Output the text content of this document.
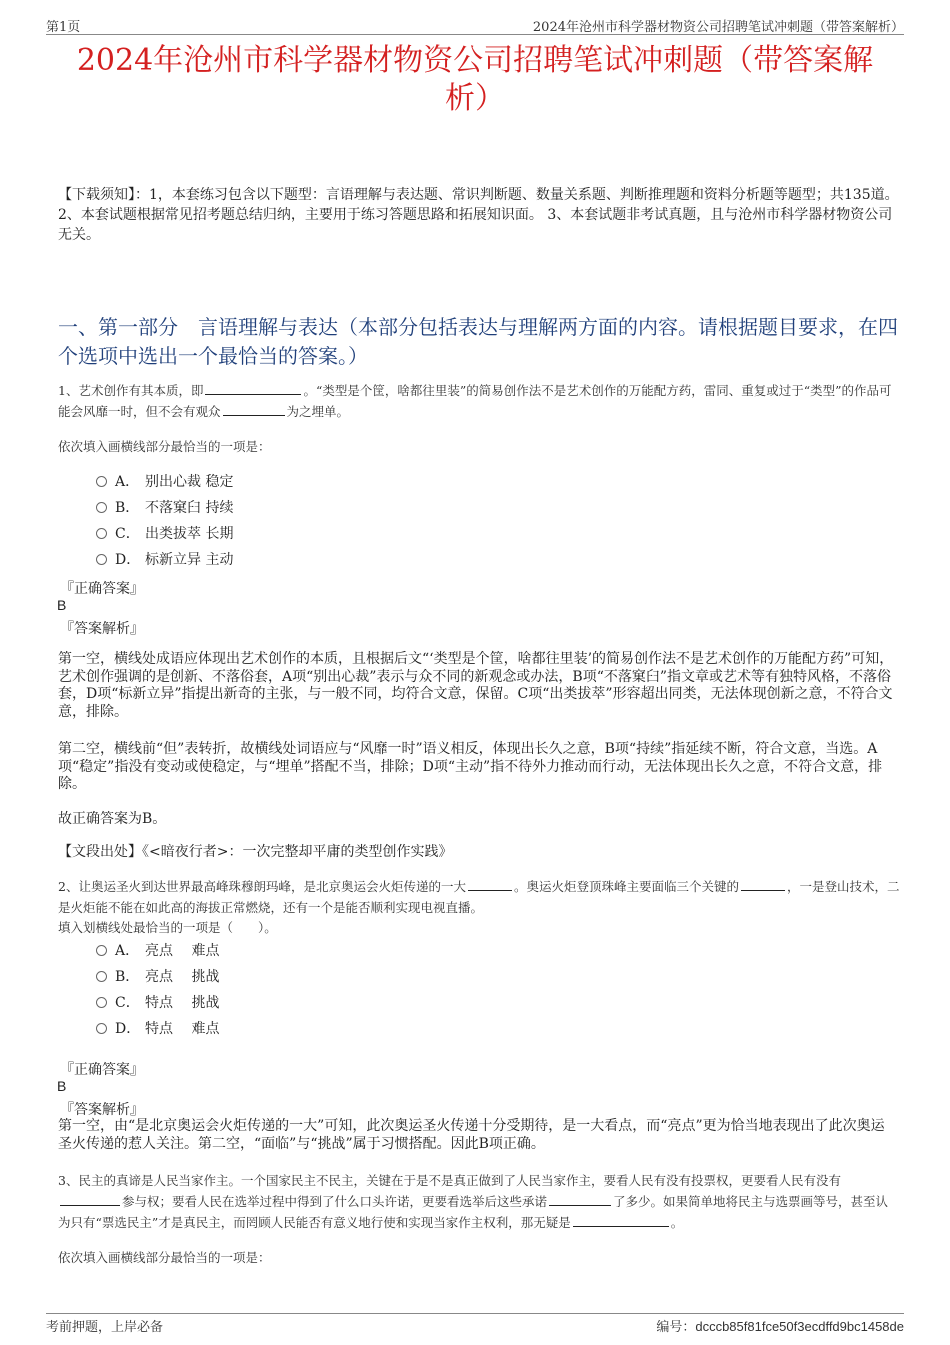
第1页	2024年沧州市科学器材物资公司招聘笔试冲刺题（带答案解析）
2024年沧州市科学器材物资公司招聘笔试冲刺题（带答案解
析）
【下载须知】：1，本套练习包含以下题型：言语理解与表达题、常识判断题、数量关系题、判断推理题和资料分析题等题型；共135道。 2、本套试题根据常见招考题总结归纳，主要用于练习答题思路和拓展知识面。 3、本套试题非考试真题，且与沧州市科学器材物资公司无关。
一、第一部分　言语理解与表达（本部分包括表达与理解两方面的内容。请根据题目要求，在四个选项中选出一个最恰当的答案。）
1、艺术创作有其本质，即	。“类型是个筐，啥都往里装”的简易创作法不是艺术创作的万能配方药，雷同、重复或过于“类型”的作品可能会风靡一时，但不会有观众	为之埋单。
依次填入画横线部分最恰当的一项是：
A． 别出心裁 稳定
B． 不落窠臼 持续
C． 出类拔萃 长期
D． 标新立异 主动
『正确答案』
B
『答案解析』
第一空，横线处成语应体现出艺术创作的本质，且根据后文“‘类型是个筐，啥都往里装’的简易创作法不是艺术创作的万能配方药”可知，艺术创作强调的是创新、不落俗套，A项“别出心裁”表示与众不同的新观念或办法，B项“不落窠臼”指文章或艺术等有独特风格，不落俗套，D项“标新立异”指提出新奇的主张，与一般不同，均符合文意，保留。C项“出类拔萃”形容超出同类，无法体现创新之意，不符合文意，排除。
第二空，横线前“但”表转折，故横线处词语应与“风靡一时”语义相反，体现出长久之意，B项“持续”指延续不断，符合文意，当选。A项“稳定”指没有变动或使稳定，与“埋单”搭配不当，排除；D项“主动”指不待外力推动而行动，无法体现出长久之意，不符合文意，排除。
故正确答案为B。
【文段出处】《<暗夜行者>：一次完整却平庸的类型创作实践》
2、让奥运圣火到达世界最高峰珠穆朗玛峰，是北京奥运会火炬传递的一大	。奥运火炬登顶珠峰主要面临三个关键的	，一是登山技术，二是火炬能不能在如此高的海拔正常燃烧，还有一个是能否顺利实现电视直播。
填入划横线处最恰当的一项是（　　）。
A． 亮点　 难点
B． 亮点　 挑战
C． 特点　 挑战
D． 特点　 难点
『正确答案』
B
『答案解析』
第一空，由“是北京奥运会火炬传递的一大”可知，此次奥运圣火传递十分受期待，是一大看点，而“亮点”更为恰当地表现出了此次奥运圣火传递的惹人关注。第二空，“面临”与“挑战”属于习惯搭配。因此B项正确。
3、民主的真谛是人民当家作主。一个国家民主不民主，关键在于是不是真正做到了人民当家作主，要看人民有没有投票权，更要看人民有没有参与权；要看人民在选举过程中得到了什么口头许诺，更要看选举后这些承诺	了多少。如果简单地将民主与选票画等号，甚至认为只有“票选民主”才是真民主，而罔顾人民能否有意义地行使和实现当家作主权利，那无疑是	。
依次填入画横线部分最恰当的一项是：
考前押题，上岸必备	编号：dcccb85f81fce50f3ecdffd9bc1458de
